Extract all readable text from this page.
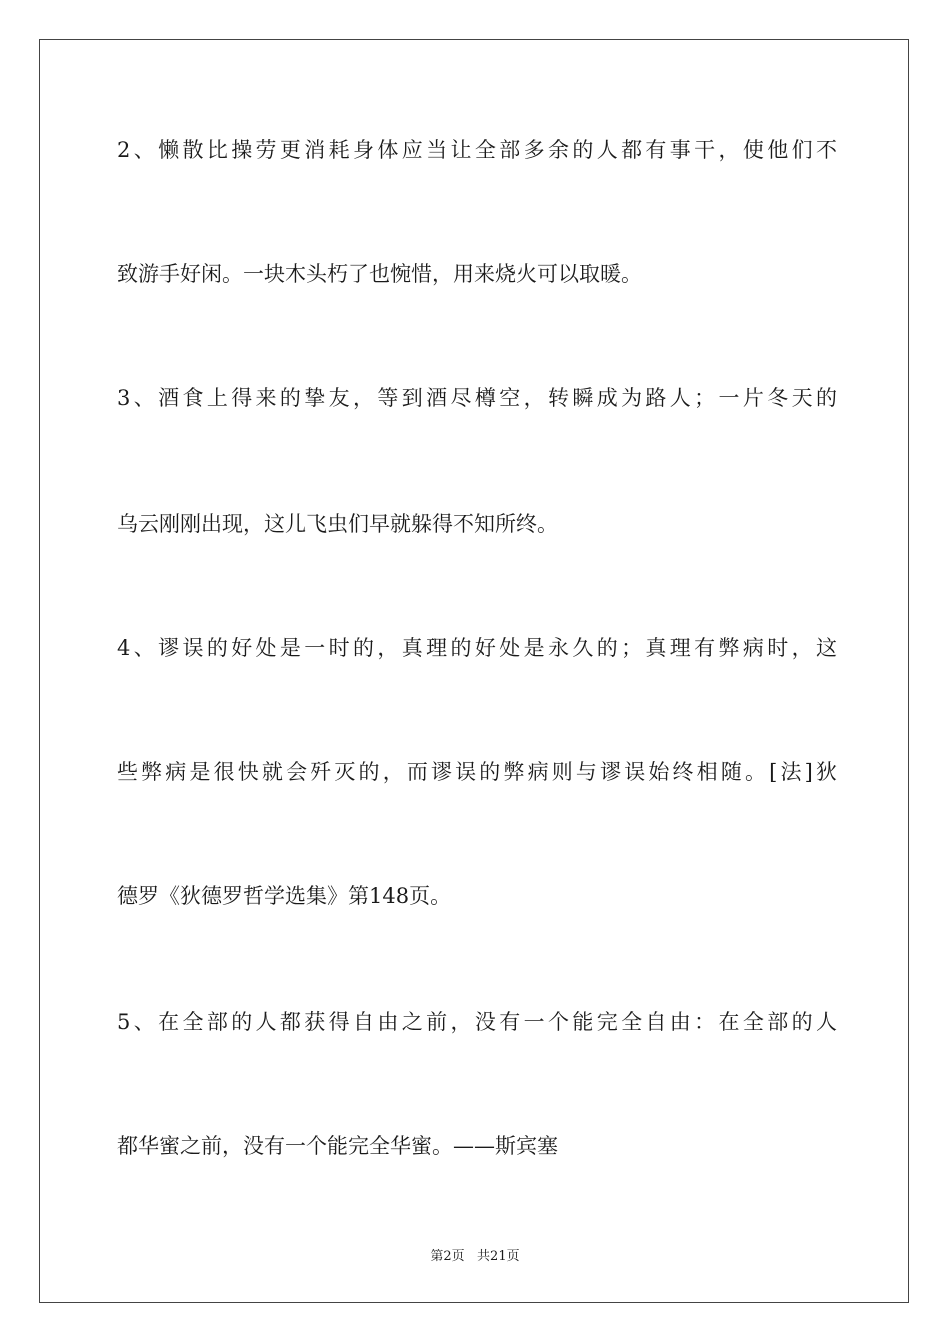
2、懒散比操劳更消耗身体应当让全部多余的人都有事干，使他们不
致游手好闲。一块木头朽了也惋惜，用来烧火可以取暖。
3、酒食上得来的挚友，等到酒尽樽空，转瞬成为路人；一片冬天的
乌云刚刚出现，这儿飞虫们早就躲得不知所终。
4、谬误的好处是一时的，真理的好处是永久的；真理有弊病时，这
些弊病是很快就会歼灭的，而谬误的弊病则与谬误始终相随。[法]狄
德罗《狄德罗哲学选集》第148页。
5、在全部的人都获得自由之前，没有一个能完全自由：在全部的人
都华蜜之前，没有一个能完全华蜜。——斯宾塞
第2页   共21页
